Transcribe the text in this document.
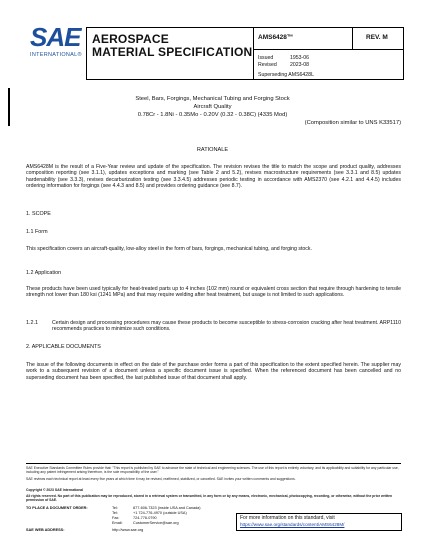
SAE
INTERNATIONAL®
AEROSPACE
MATERIAL SPECIFICATION
AMS6428™	REV. M
Issued	1953-06
Revised	2023-08
Superseding AMS6428L
Steel, Bars, Forgings, Mechanical Tubing and Forging Stock
Aircraft Quality
0.78Cr - 1.8Ni - 0.35Mo - 0.20V (0.32 - 0.38C) (4335 Mod)
(Composition similar to UNS K33517)
RATIONALE
AMS6428M is the result of a Five-Year review and update of the specification. The revision revises the title to match the scope and product quality, addresses composition reporting (see 3.1.1), updates exceptions and marking (see Table 2 and 5.2), revises macrostructure requirements (see 3.3.1 and 8.5) updates hardenability (see 3.3.3), revises decarburization testing (see 3.3.4.5) addresses periodic testing in accordance with AMS2370 (see 4.2.1 and 4.4.5) includes ordering information for forgings (see 4.4.3 and 8.5) and provides ordering guidance (see 8.7).
1. SCOPE
1.1 Form
This specification covers an aircraft-quality, low-alloy steel in the form of bars, forgings, mechanical tubing, and forging stock.
1.2 Application
These products have been used typically for heat-treated parts up to 4 inches (102 mm) round or equivalent cross section that require through hardening to tensile strength not lower than 180 ksi (1241 MPa) and that may require welding after heat treatment, but usage is not limited to such applications.
1.2.1	Certain design and processing procedures may cause these products to become susceptible to stress-corrosion cracking after heat treatment. ARP1110 recommends practices to minimize such conditions.
2. APPLICABLE DOCUMENTS
The issue of the following documents in effect on the date of the purchase order forms a part of this specification to the extent specified herein. The supplier may work to a subsequent revision of a document unless a specific document issue is specified. When the referenced document has been cancelled and no superseding document has been specified, the last published issue of that document shall apply.
SAE Executive Standards Committee Rules provide that: "This report is published by SAE to advance the state of technical and engineering sciences. The use of this report is entirely voluntary, and its applicability and suitability for any particular use, including any patent infringement arising therefrom, is the sole responsibility of the user."
SAE reviews each technical report at least every five years at which time it may be revised, reaffirmed, stabilized, or cancelled. SAE invites your written comments and suggestions.
Copyright © 2023 SAE International
All rights reserved. No part of this publication may be reproduced, stored in a retrieval system or transmitted, in any form or by any means, electronic, mechanical, photocopying, recording, or otherwise, without the prior written permission of SAE.
TO PLACE A DOCUMENT ORDER:	Tel:	877-606-7323 (inside USA and Canada)
Tel:	+1 724-776-4970 (outside USA)
Fax:	724-776-0790
Email:	CustomerService@sae.org
SAE WEB ADDRESS:	http://www.sae.org
For more information on this standard, visit
https://www.sae.org/standards/content/AMS6428M/
